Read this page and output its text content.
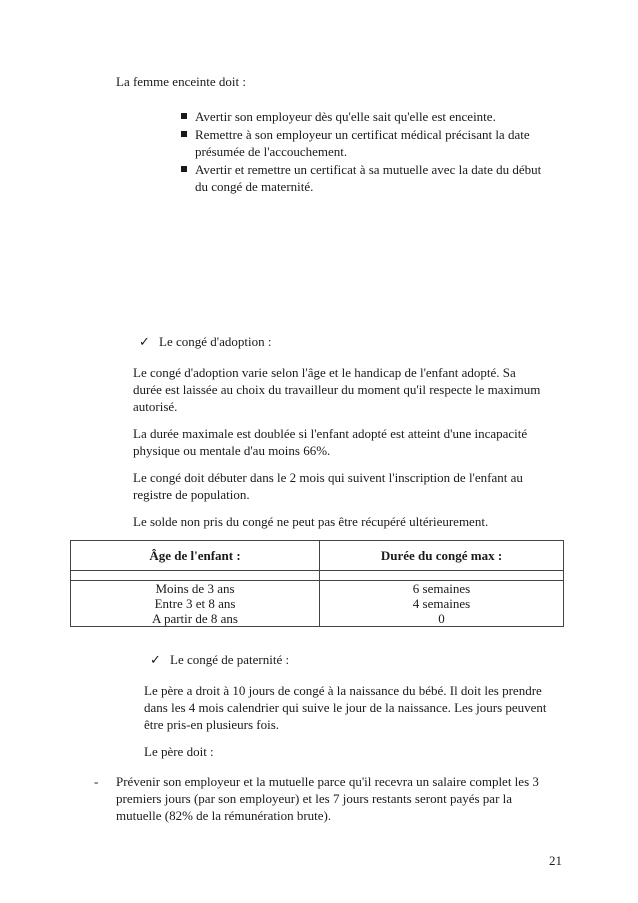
La femme enceinte doit :
Avertir son employeur dès qu'elle sait qu'elle est enceinte.
Remettre à son employeur un certificat médical précisant la date
présumée de l'accouchement.
Avertir et remettre un certificat à sa mutuelle avec la date du début
du congé de maternité.
✓ Le congé d'adoption :
Le congé d'adoption varie selon l'âge et le handicap de l'enfant adopté. Sa
durée est laissée au choix du travailleur du moment qu'il respecte le maximum
autorisé.
La durée maximale est doublée si l'enfant adopté est atteint d'une incapacité
physique ou mentale d'au moins 66%.
Le congé doit débuter dans le 2 mois qui suivent l'inscription de l'enfant au
registre de population.
Le solde non pris du congé ne peut pas être récupéré ultérieurement.
Âge de l'enfant :	Durée du congé max :

Moins de 3 ans	6 semaines
Entre 3 et 8 ans	4 semaines
A partir de 8 ans	0
✓ Le congé de paternité :
Le père a droit à 10 jours de congé à la naissance du bébé. Il doit les prendre
dans les 4 mois calendrier qui suive le jour de la naissance. Les jours peuvent
être pris-en plusieurs fois.
Le père doit :
- Prévenir son employeur et la mutuelle parce qu'il recevra un salaire complet les 3
premiers jours (par son employeur) et les 7 jours restants seront payés par la
mutuelle (82% de la rémunération brute).
21
